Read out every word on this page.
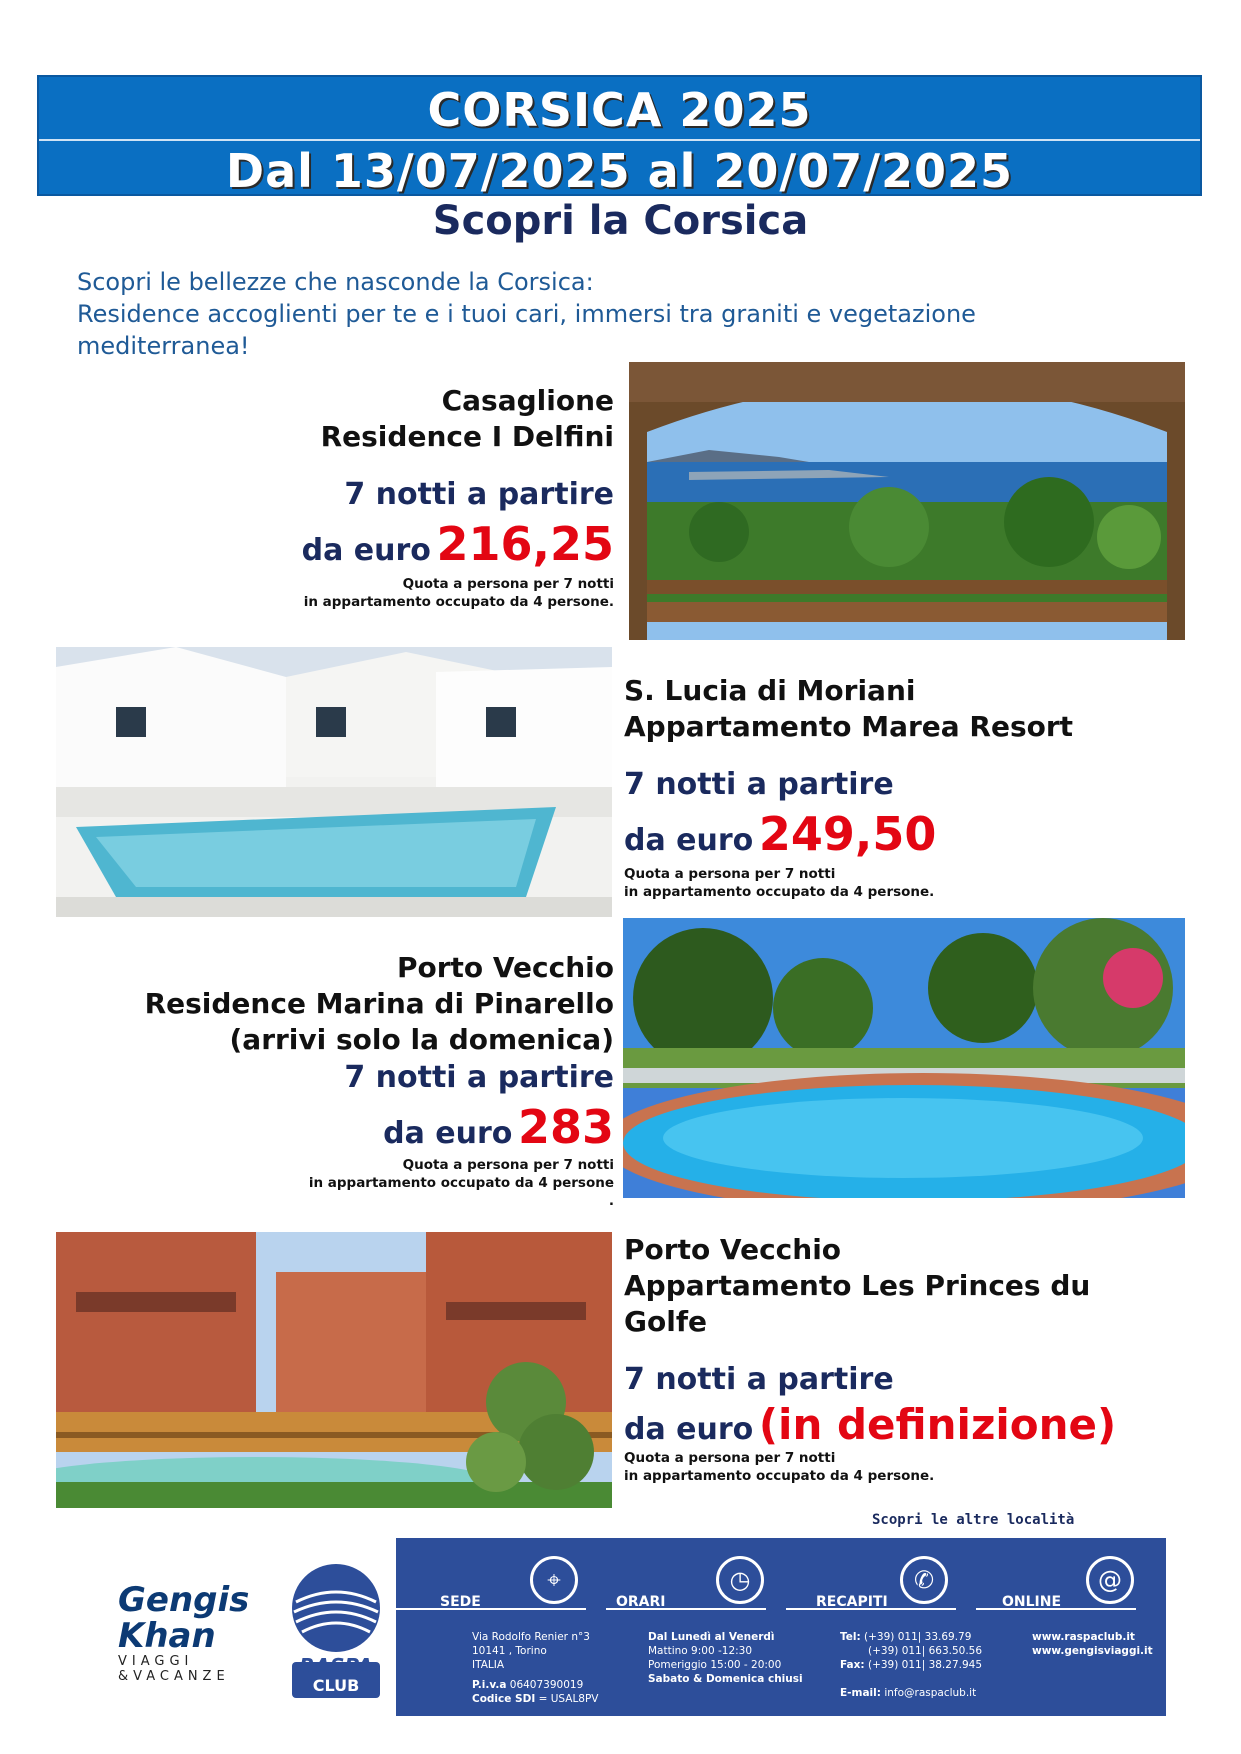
CORSICA 2025
Dal 13/07/2025 al 20/07/2025
Scopri la Corsica

Scopri le bellezze che nasconde la Corsica:

Residence accoglienti per te e i tuoi cari, immersi tra graniti e vegetazione

mediterranea!

Casaglione
Residence I Delfini
7 notti a partire
da euro 216,25
Quota a persona per 7 notti
in appartamento occupato da 4 persone.
S. Lucia di Moriani
Appartamento Marea Resort
7 notti a partire
da euro 249,50
Quota a persona per 7 notti
in appartamento occupato da 4 persone.
Porto Vecchio
Residence Marina di Pinarello
(arrivi solo la domenica)
7 notti a partire
da euro 283
Quota a persona per 7 notti
in appartamento occupato da 4 persone
.
Porto Vecchio
Appartamento Les Princes du
Golfe
7 notti a partire
da euro (in definizione)
Quota a persona per 7 notti
in appartamento occupato da 4 persone.
Scopri le altre località
Gengis
Khan
VIAGGI
&VACANZE	RASPA
CLUB
⌖
SEDE
Via Rodolfo Renier n°3
10141 , Torino
ITALIA
P.i.v.a 06407390019
Codice SDI = USAL8PV
◷
ORARI
Dal Lunedì al Venerdì
Mattino 9:00 -12:30
Pomeriggio 15:00 - 20:00
Sabato & Domenica chiusi
✆
RECAPITI
Tel: (+39) 011| 33.69.79
(+39) 011| 663.50.56
Fax: (+39) 011| 38.27.945
E-mail: info@raspaclub.it
@
ONLINE
www.raspaclub.it
www.gengisviaggi.it
